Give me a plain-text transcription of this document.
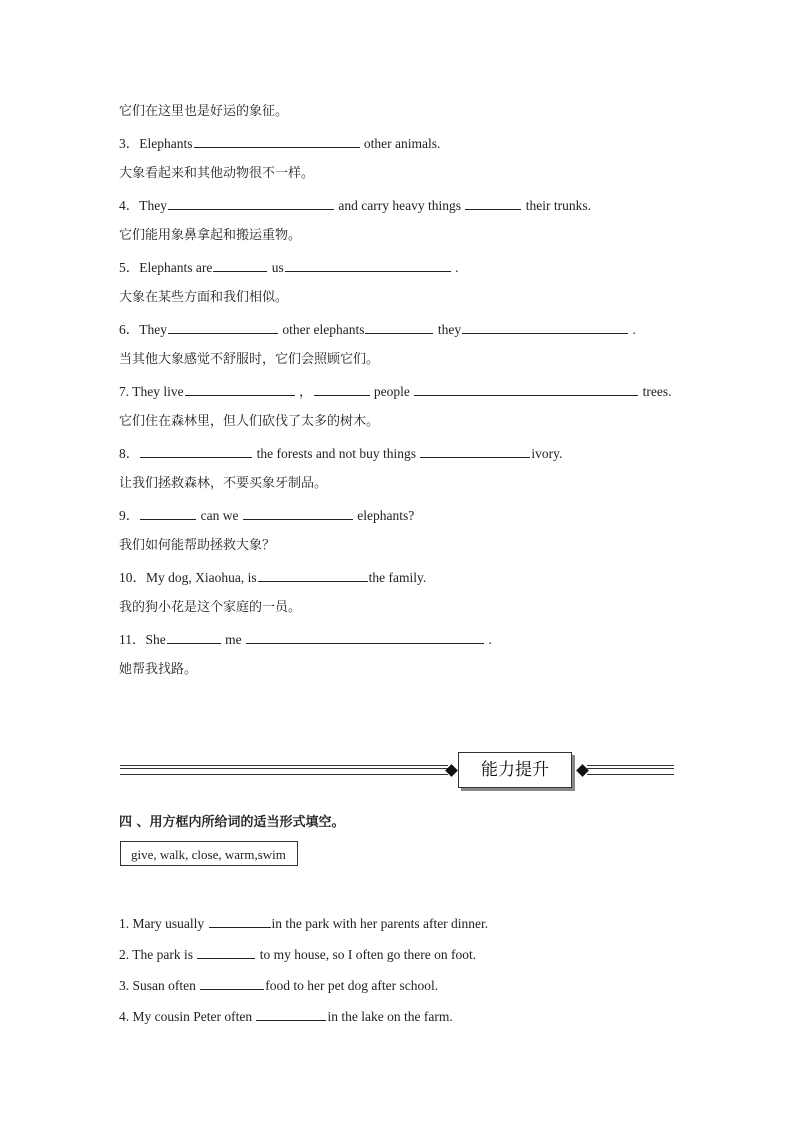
它们在这里也是好运的象征。
3．Elephants	other animals.
大象看起来和其他动物很不一样。
4．They	and carry heavy things	their trunks.
它们能用象鼻拿起和搬运重物。
5．Elephants are	us	.
大象在某些方面和我们相似。
6．They	other elephants	they	.
当其他大象感觉不舒服时，它们会照顾它们。
7. They live	，	people	trees.
它们住在森林里，但人们砍伐了太多的树木。
8．	the forests and not buy things	ivory.
让我们拯救森林，不要买象牙制品。
9．	can we	elephants?
我们如何能帮助拯救大象？
10．My dog, Xiaohua, is	the family.
我的狗小花是这个家庭的一员。
11．She	me	.
她帮我找路。
能力提升
四 、用方框内所给词的适当形式填空。
give, walk, close, warm,swim
1. Mary usually	in the park with her parents after dinner.
2. The park is	to my house, so I often go there on foot.
3. Susan often	food to her pet dog after school.
4. My cousin Peter often	in the lake on the farm.
